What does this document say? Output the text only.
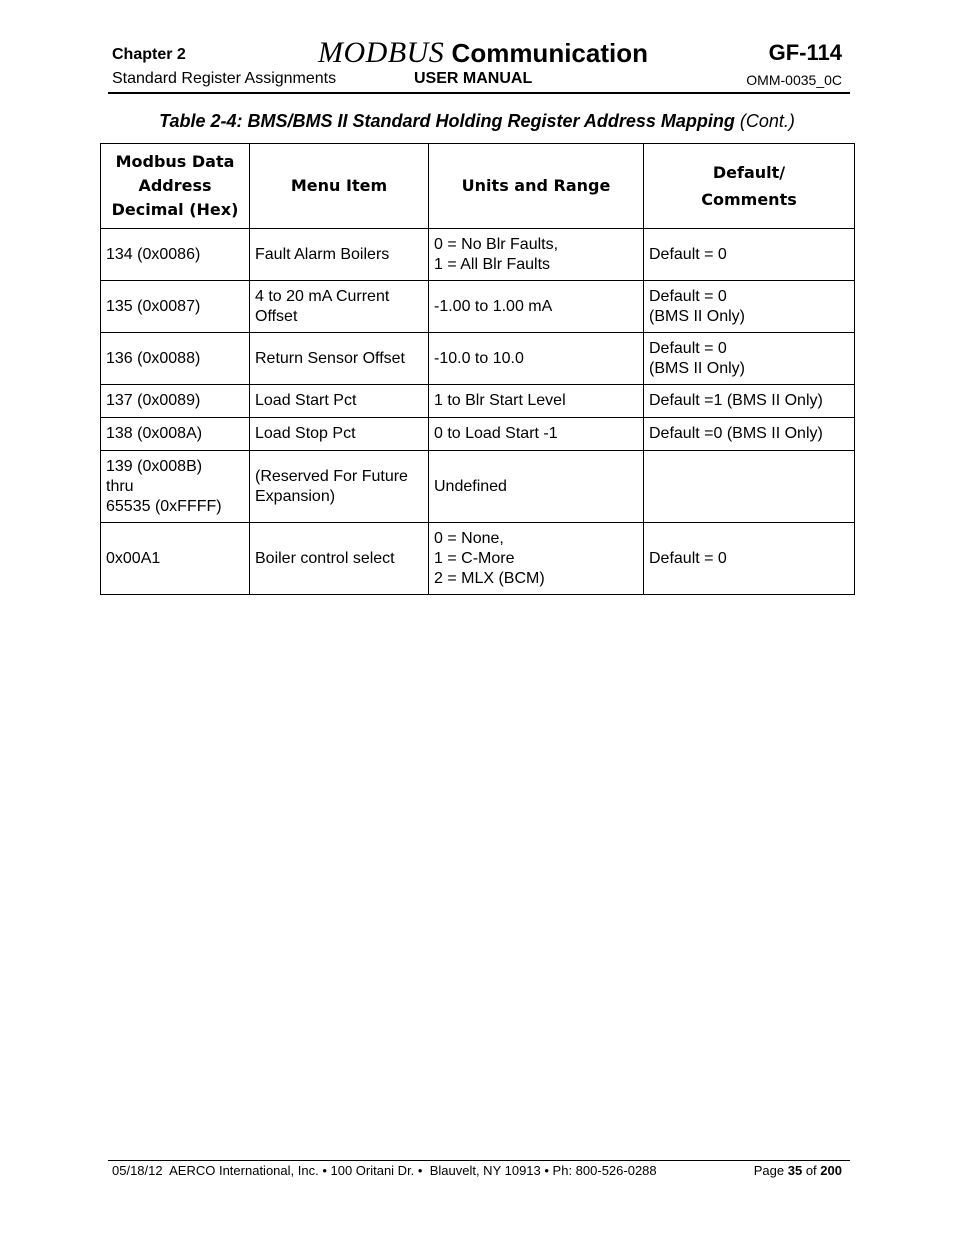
Chapter 2	MODBUS Communication	GF-114
Standard Register Assignments	USER MANUAL	OMM-0035_0C
Table 2-4: BMS/BMS II Standard Holding Register Address Mapping (Cont.)
Modbus Data
Address
Decimal (Hex)	Menu Item	Units and Range	Default/
Comments

134 (0x0086)	Fault Alarm Boilers	0 = No Blr Faults,
1 = All Blr Faults	Default = 0

135 (0x0087)	4 to 20 mA Current
Offset	-1.00 to 1.00 mA	Default = 0
(BMS II Only)

136 (0x0088)	Return Sensor Offset	-10.0 to 10.0	Default = 0
(BMS II Only)

137 (0x0089)	Load Start Pct	1 to Blr Start Level	Default =1 (BMS II Only)

138 (0x008A)	Load Stop Pct	0 to Load Start -1	Default =0 (BMS II Only)

139 (0x008B)
thru
65535 (0xFFFF)	(Reserved For Future
Expansion)	Undefined	

0x00A1	Boiler control select	0 = None,
1 = C-More
2 = MLX (BCM)	Default = 0
05/18/12 AERCO International, Inc. • 100 Oritani Dr. •  Blauvelt, NY 10913 • Ph: 800-526-0288	Page 35 of 200
